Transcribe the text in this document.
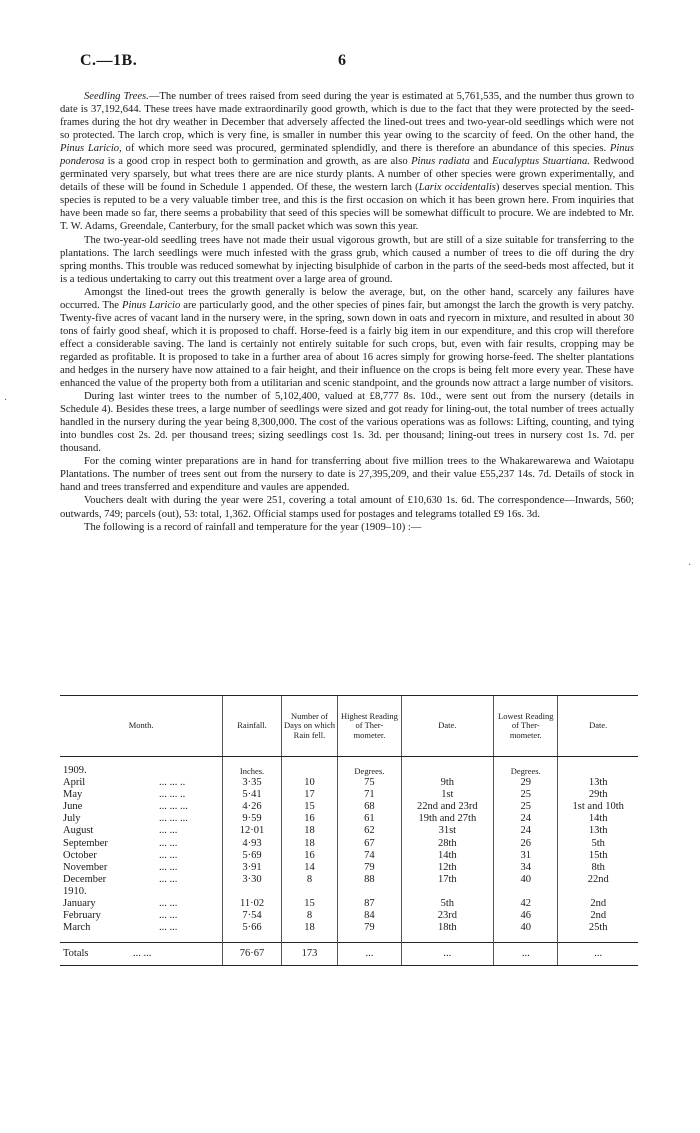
C.—1B.	6

Seedling Trees.—The number of trees raised from seed during the year is estimated at 5,761,535, and the number thus grown to date is 37,192,644. These trees have made extraordinarily good growth, which is due to the fact that they were protected by the seed-frames during the hot dry weather in December that adversely affected the lined-out trees and two-year-old seedlings which were not so protected. The larch crop, which is very fine, is smaller in number this year owing to the scarcity of feed. On the other hand, the Pinus Laricio, of which more seed was procured, germinated splendidly, and there is therefore an abundance of this species. Pinus ponderosa is a good crop in respect both to germination and growth, as are also Pinus radiata and Eucalyptus Stuartiana. Redwood germinated very sparsely, but what trees there are are nice sturdy plants. A number of other species were grown experimentally, and details of these will be found in Schedule 1 appended. Of these, the western larch (Larix occidentalis) deserves special mention. This species is reputed to be a very valuable timber tree, and this is the first occasion on which it has been grown here. From inquiries that have been made so far, there seems a probability that seed of this species will be somewhat difficult to procure. We are indebted to Mr. T. W. Adams, Greendale, Canterbury, for the small packet which was sown this year.

The two-year-old seedling trees have not made their usual vigorous growth, but are still of a size suitable for transferring to the plantations. The larch seedlings were much infested with the grass grub, which caused a number of trees to die off during the dry spring months. This trouble was reduced somewhat by injecting bisulphide of carbon in the parts of the seed-beds most affected, but it is a tedious undertaking to carry out this treatment over a large area of ground.

Amongst the lined-out trees the growth generally is below the average, but, on the other hand, scarcely any failures have occurred. The Pinus Laricio are particularly good, and the other species of pines fair, but amongst the larch the growth is very patchy. Twenty-five acres of vacant land in the nursery were, in the spring, sown down in oats and ryecorn in mixture, and resulted in about 30 tons of fairly good sheaf, which it is proposed to chaff. Horse-feed is a fairly big item in our expenditure, and this crop will therefore effect a considerable saving. The land is certainly not entirely suitable for such crops, but, even with fair results, cropping may be regarded as profitable. It is proposed to take in a further area of about 16 acres simply for growing horse-feed. The shelter plantations and hedges in the nursery have now attained to a fair height, and their influence on the crops is being felt more every year. These have enhanced the value of the property both from a utilitarian and scenic standpoint, and the grounds now attract a large number of visitors.

During last winter trees to the number of 5,102,400, valued at £8,777 8s. 10d., were sent out from the nursery (details in Schedule 4). Besides these trees, a large number of seedlings were sized and got ready for lining-out, the total number of trees actually handled in the nursery during the year being 8,300,000. The cost of the various operations was as follows: Lifting, counting, and tying into bundles cost 2s. 2d. per thousand trees; sizing seedlings cost 1s. 3d. per thousand; lining-out trees in nursery cost 1s. 7d. per thousand.

For the coming winter preparations are in hand for transferring about five million trees to the Whakarewarewa and Waiotapu Plantations. The number of trees sent out from the nursery to date is 27,395,209, and their value £55,237 14s. 7d. Details of stock in hand and trees transferred and expenditure and vaules are appended.

Vouchers dealt with during the year were 251, covering a total amount of £10,630 1s. 6d. The correspondence—Inwards, 560; outwards, 749; parcels (out), 53: total, 1,362. Official stamps used for postages and telegrams totalled £9 16s. 3d.

The following is a record of rainfall and temperature for the year (1909–10) :—

Month.	Rainfall.	Number of Days on which Rain fell.	Highest Reading of Ther-mometer.	Date.	Lowest Reading of Ther-mometer.	Date.

1909.	Inches.		Degrees.		Degrees.	
April ... ... ..	3·35	10	75	9th	29	13th
May ... ... ..	5·41	17	71	1st	25	29th
June ... ... ...	4·26	15	68	22nd and 23rd	25	1st and 10th
July ... ... ...	9·59	16	61	19th and 27th	24	14th
August ... ...	12·01	18	62	31st	24	13th
September ... ...	4·93	18	67	28th	26	5th
October ... ...	5·69	16	74	14th	31	15th
November ... ...	3·91	14	79	12th	34	8th
December ... ...	3·30	8	88	17th	40	22nd
1910.						
January ... ...	11·02	15	87	5th	42	2nd
February ... ...	7·54	8	84	23rd	46	2nd
March ... ...	5·66	18	79	18th	40	25th

Totals ... ...	76·67	173	...	...	...	...
·
·
